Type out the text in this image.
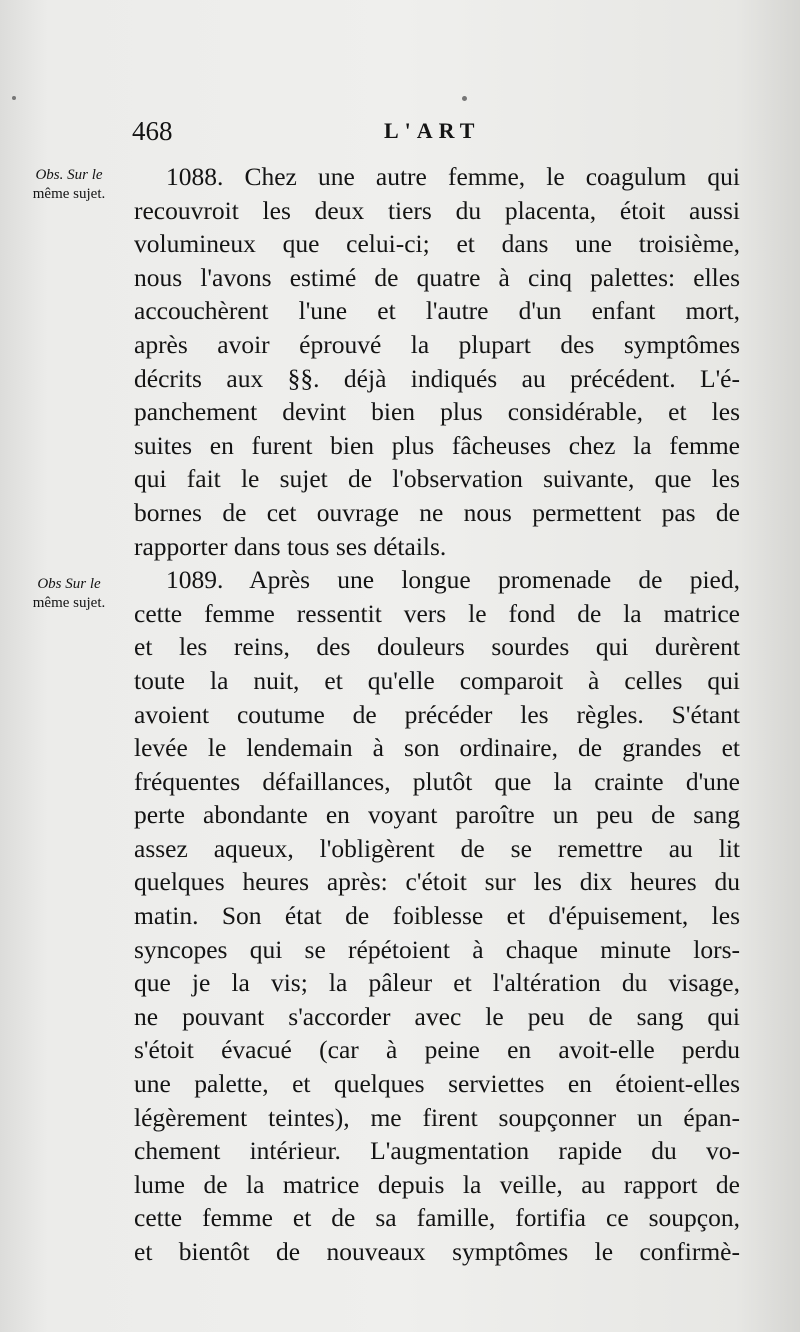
468	L'ART
Obs. Sur le
même sujet.
Obs Sur le
même sujet.
1088. Chez une autre femme, le coagulum qui
recouvroit les deux tiers du placenta, étoit aussi
volumineux que celui-ci; et dans une troisième,
nous l'avons estimé de quatre à cinq palettes: elles
accouchèrent l'une et l'autre d'un enfant mort,
après avoir éprouvé la plupart des symptômes
décrits aux §§. déjà indiqués au précédent. L'é-
panchement devint bien plus considérable, et les
suites en furent bien plus fâcheuses chez la femme
qui fait le sujet de l'observation suivante, que les
bornes de cet ouvrage ne nous permettent pas de
rapporter dans tous ses détails.
1089. Après une longue promenade de pied,
cette femme ressentit vers le fond de la matrice
et les reins, des douleurs sourdes qui durèrent
toute la nuit, et qu'elle comparoit à celles qui
avoient coutume de précéder les règles. S'étant
levée le lendemain à son ordinaire, de grandes et
fréquentes défaillances, plutôt que la crainte d'une
perte abondante en voyant paroître un peu de sang
assez aqueux, l'obligèrent de se remettre au lit
quelques heures après: c'étoit sur les dix heures du
matin. Son état de foiblesse et d'épuisement, les
syncopes qui se répétoient à chaque minute lors-
que je la vis; la pâleur et l'altération du visage,
ne pouvant s'accorder avec le peu de sang qui
s'étoit évacué (car à peine en avoit-elle perdu
une palette, et quelques serviettes en étoient-elles
légèrement teintes), me firent soupçonner un épan-
chement intérieur. L'augmentation rapide du vo-
lume de la matrice depuis la veille, au rapport de
cette femme et de sa famille, fortifia ce soupçon,
et bientôt de nouveaux symptômes le confirmè-
